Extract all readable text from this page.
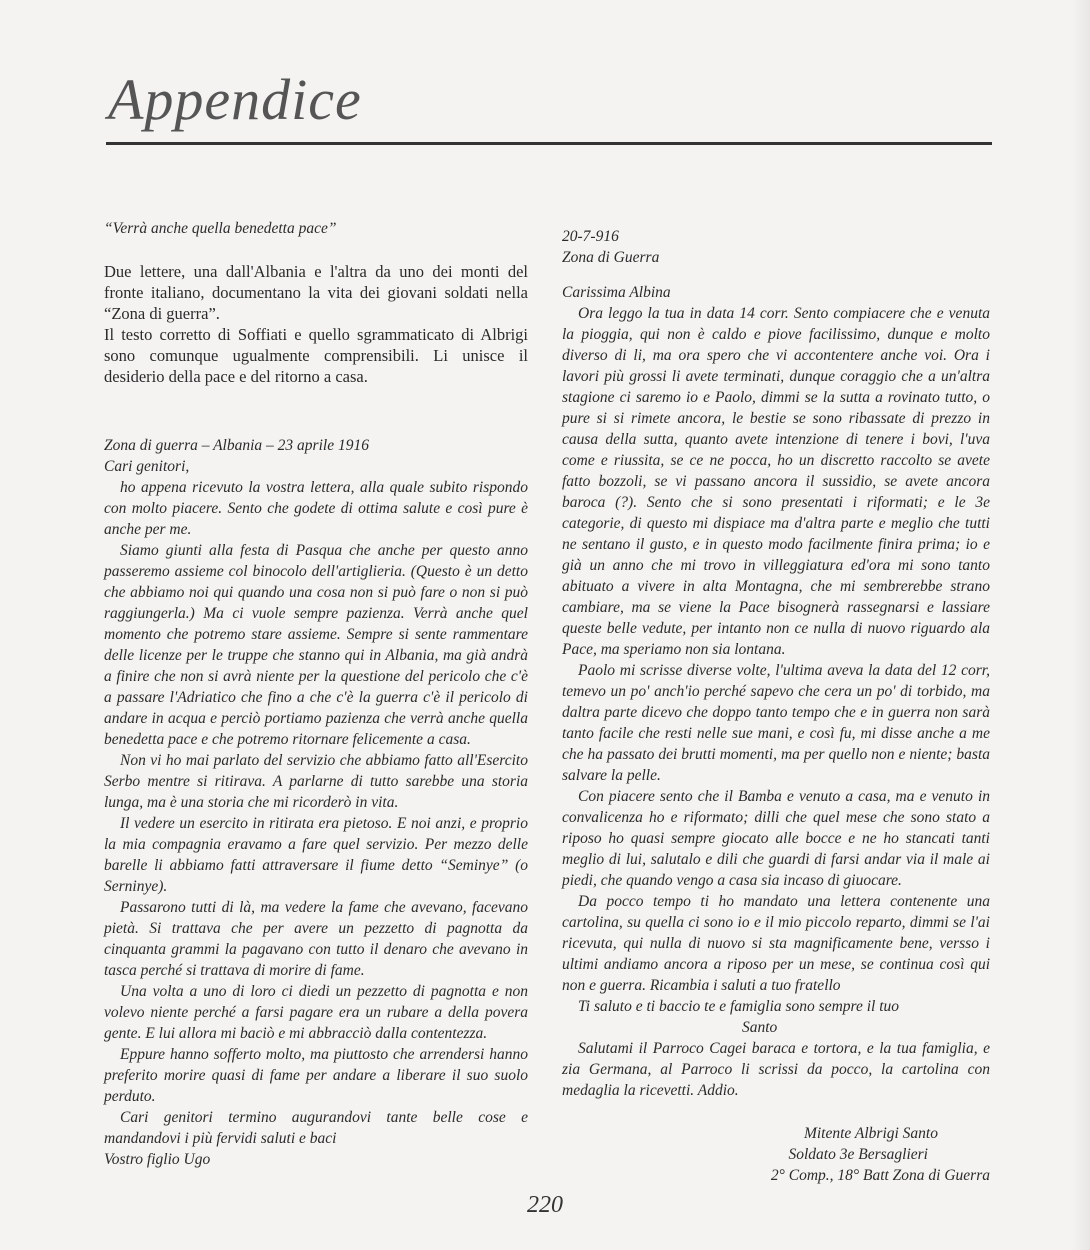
Appendice
“Verrà anche quella benedetta pace”

Due lettere, una dall'Albania e l'altra da uno dei monti del fronte italiano, documentano la vita dei giovani soldati nella “Zona di guerra”.

Il testo corretto di Soffiati e quello sgrammaticato di Albrigi sono comunque ugualmente comprensibili. Li unisce il desiderio della pace e del ritorno a casa.

Zona di guerra – Albania – 23 aprile 1916

Cari genitori,

ho appena ricevuto la vostra lettera, alla quale subito rispondo con molto piacere. Sento che godete di ottima salute e così pure è anche per me.

Siamo giunti alla festa di Pasqua che anche per questo anno passeremo assieme col binocolo dell'artiglieria. (Questo è un detto che abbiamo noi qui quando una cosa non si può fare o non si può raggiungerla.) Ma ci vuole sempre pazienza. Verrà anche quel momento che potremo stare assieme. Sempre si sente rammentare delle licenze per le truppe che stanno qui in Albania, ma già andrà a finire che non si avrà niente per la questione del pericolo che c'è a passare l'Adriatico che fino a che c'è la guerra c'è il pericolo di andare in acqua e perciò portiamo pazienza che verrà anche quella benedetta pace e che potremo ritornare felicemente a casa.

Non vi ho mai parlato del servizio che abbiamo fatto all'Esercito Serbo mentre si ritirava. A parlarne di tutto sarebbe una storia lunga, ma è una storia che mi ricorderò in vita.

Il vedere un esercito in ritirata era pietoso. E noi anzi, e proprio la mia compagnia eravamo a fare quel servizio. Per mezzo delle barelle li abbiamo fatti attraversare il fiume detto “Seminye” (o Serninye).

Passarono tutti di là, ma vedere la fame che avevano, facevano pietà. Si trattava che per avere un pezzetto di pagnotta da cinquanta grammi la pagavano con tutto il denaro che avevano in tasca perché si trattava di morire di fame.

Una volta a uno di loro ci diedi un pezzetto di pagnotta e non volevo niente perché a farsi pagare era un rubare a della povera gente. E lui allora mi baciò e mi abbracciò dalla contentezza.

Eppure hanno sofferto molto, ma piuttosto che arrendersi hanno preferito morire quasi di fame per andare a liberare il suo suolo perduto.

Cari genitori termino augurandovi tante belle cose e mandandovi i più fervidi saluti e baci

Vostro figlio Ugo

20-7-916

Zona di Guerra

Carissima Albina

Ora leggo la tua in data 14 corr. Sento compiacere che e venuta la pioggia, qui non è caldo e piove facilissimo, dunque e molto diverso di li, ma ora spero che vi accontentere anche voi. Ora i lavori più grossi li avete terminati, dunque coraggio che a un'altra stagione ci saremo io e Paolo, dimmi se la sutta a rovinato tutto, o pure si si rimete ancora, le bestie se sono ribassate di prezzo in causa della sutta, quanto avete intenzione di tenere i bovi, l'uva come e riussita, se ce ne pocca, ho un discretto raccolto se avete fatto bozzoli, se vi passano ancora il sussidio, se avete ancora baroca (?). Sento che si sono presentati i riformati; e le 3e categorie, di questo mi dispiace ma d'altra parte e meglio che tutti ne sentano il gusto, e in questo modo facilmente finira prima; io e già un anno che mi trovo in villeggiatura ed'ora mi sono tanto abituato a vivere in alta Montagna, che mi sembrerebbe strano cambiare, ma se viene la Pace bisognerà rassegnarsi e lassiare queste belle vedute, per intanto non ce nulla di nuovo riguardo ala Pace, ma speriamo non sia lontana.

Paolo mi scrisse diverse volte, l'ultima aveva la data del 12 corr, temevo un po' anch'io perché sapevo che cera un po' di torbido, ma daltra parte dicevo che doppo tanto tempo che e in guerra non sarà tanto facile che resti nelle sue mani, e così fu, mi disse anche a me che ha passato dei brutti momenti, ma per quello non e niente; basta salvare la pelle.

Con piacere sento che il Bamba e venuto a casa, ma e venuto in convalicenza ho e riformato; dilli che quel mese che sono stato a riposo ho quasi sempre giocato alle bocce e ne ho stancati tanti meglio di lui, salutalo e dili che guardi di farsi andar via il male ai piedi, che quando vengo a casa sia incaso di giuocare.

Da pocco tempo ti ho mandato una lettera contenente una cartolina, su quella ci sono io e il mio piccolo reparto, dimmi se l'ai ricevuta, qui nulla di nuovo si sta magnificamente bene, versso i ultimi andiamo ancora a riposo per un mese, se continua così qui non e guerra. Ricambia i saluti a tuo fratello

Ti saluto e ti baccio te e famiglia sono sempre il tuo

Santo

Salutami il Parroco Cagei baraca e tortora, e la tua famiglia, e zia Germana, al Parroco li scrissi da pocco, la cartolina con medaglia la ricevetti. Addio.

Mitente Albrigi Santo
Soldato 3e Bersaglieri
2° Comp., 18° Batt Zona di Guerra
220
